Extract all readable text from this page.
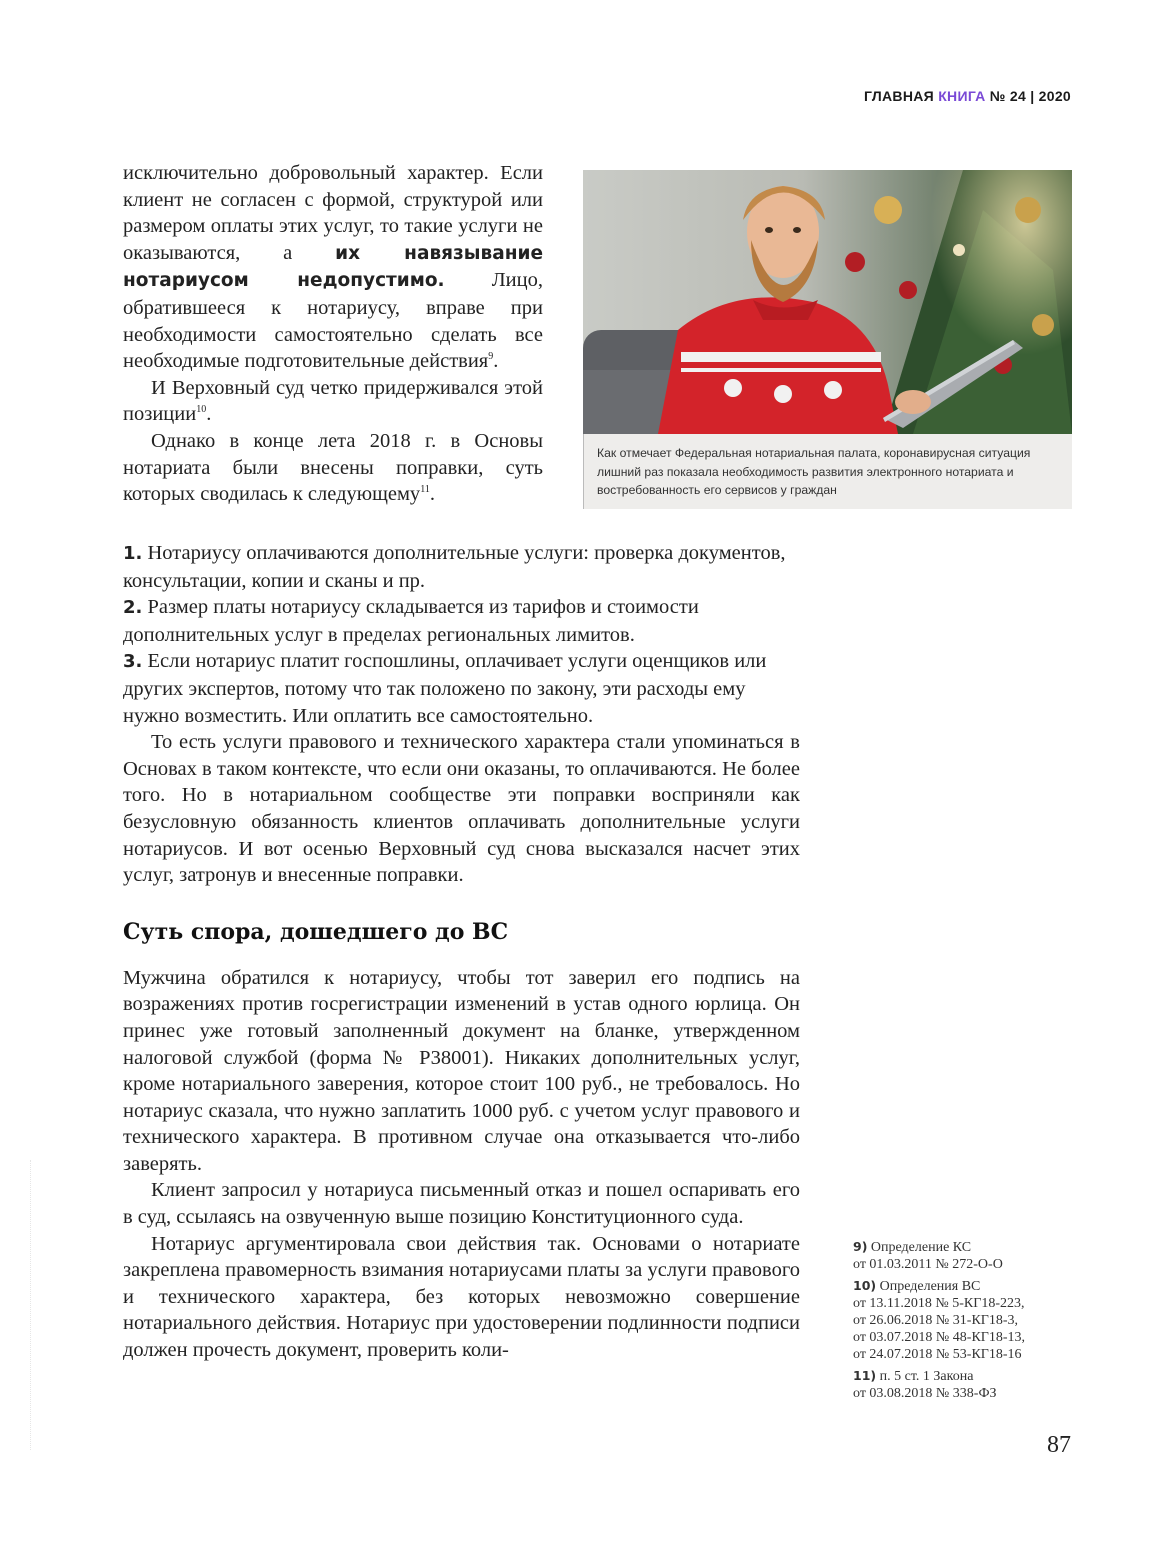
ГЛАВНАЯ КНИГА № 24 | 2020

исключительно добровольный характер. Если клиент не согласен с формой, структурой или размером оплаты этих услуг, то такие услуги не оказываются, а их навязывание нотариусом недопустимо. Лицо, обратившееся к нотариусу, вправе при необходимости самостоятельно сделать все необходимые подготовительные действия$^9$.

И Верховный суд четко придерживался этой позиции$^{10}$.

Однако в конце лета 2018 г. в Основы нотариата были внесены поправки, суть которых сводилась к следующему$^{11}$.

Как отмечает Федеральная нотариальная палата, коронавирусная ситуация лишний раз показала необходимость развития электронного нотариата и востребованность его сервисов у граждан

1. Нотариусу оплачиваются дополнительные услуги: проверка документов, консультации, копии и сканы и пр.

2. Размер платы нотариусу складывается из тарифов и стоимости дополнительных услуг в пределах региональных лимитов.

3. Если нотариус платит госпошлины, оплачивает услуги оценщиков или других экспертов, потому что так положено по закону, эти расходы ему нужно возместить. Или оплатить все самостоятельно.

То есть услуги правового и технического характера стали упоминаться в Основах в таком контексте, что если они оказаны, то оплачиваются. Не более того. Но в нотариальном сообществе эти поправки восприняли как безусловную обязанность клиентов оплачивать дополнительные услуги нотариусов. И вот осенью Верховный суд снова высказался насчет этих услуг, затронув и внесенные поправки.

Суть спора, дошедшего до ВС

Мужчина обратился к нотариусу, чтобы тот заверил его подпись на возражениях против госрегистрации изменений в устав одного юрлица. Он принес уже готовый заполненный документ на бланке, утвержденном налоговой службой (форма № Р38001). Никаких дополнительных услуг, кроме нотариального заверения, которое стоит 100 руб., не требовалось. Но нотариус сказала, что нужно заплатить 1000 руб. с учетом услуг правового и технического характера. В противном случае она отказывается что-либо заверять.

Клиент запросил у нотариуса письменный отказ и пошел оспаривать его в суд, ссылаясь на озвученную выше позицию Конституционного суда.

Нотариус аргументировала свои действия так. Основами о нотариате закреплена правомерность взимания нотариусами платы за услуги правового и технического характера, без которых невозможно совершение нотариального действия. Нотариус при удостоверении подлинности подписи должен прочесть документ, проверить коли-

9) Определение КС
от 01.03.2011 № 272-О-О
10) Определения ВС
от 13.11.2018 № 5-КГ18-223,
от 26.06.2018 № 31-КГ18-3,
от 03.07.2018 № 48-КГ18-13,
от 24.07.2018 № 53-КГ18-16
11) п. 5 ст. 1 Закона
от 03.08.2018 № 338-ФЗ
87
